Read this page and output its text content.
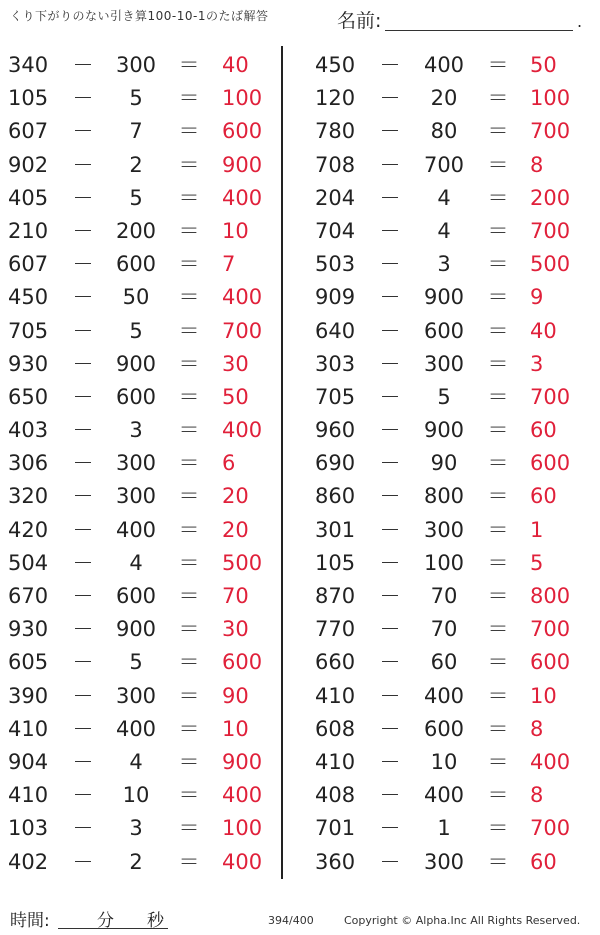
くり下がりのない引き算100-10-1のたば解答	名前:	.
340 －	300	＝ 40
105 －	5	＝ 100
607 －	7	＝ 600
902 －	2	＝ 900
405 －	5	＝ 400
210 －	200	＝ 10
607 －	600	＝ 7
450 －	50	＝ 400
705 －	5	＝ 700
930 －	900	＝ 30
650 －	600	＝ 50
403 －	3	＝ 400
306 －	300	＝ 6
320 －	300	＝ 20
420 －	400	＝ 20
504 －	4	＝ 500
670 －	600	＝ 70
930 －	900	＝ 30
605 －	5	＝ 600
390 －	300	＝ 90
410 －	400	＝ 10
904 －	4	＝ 900
410 －	10	＝ 400
103 －	3	＝ 100
402 －	2	＝ 400
450 －	400	＝ 50
120 －	20	＝ 100
780 －	80	＝ 700
708 －	700	＝ 8
204 －	4	＝ 200
704 －	4	＝ 700
503 －	3	＝ 500
909 －	900	＝ 9
640 －	600	＝ 40
303 －	300	＝ 3
705 －	5	＝ 700
960 －	900	＝ 60
690 －	90	＝ 600
860 －	800	＝ 60
301 －	300	＝ 1
105 －	100	＝ 5
870 －	70	＝ 800
770 －	70	＝ 700
660 －	60	＝ 600
410 －	400	＝ 10
608 －	600	＝ 8
410 －	10	＝ 400
408 －	400	＝ 8
701 －	1	＝ 700
360 －	300	＝ 60
時間:	分 秒	394/400	Copyright © Alpha.Inc All Rights Reserved.
